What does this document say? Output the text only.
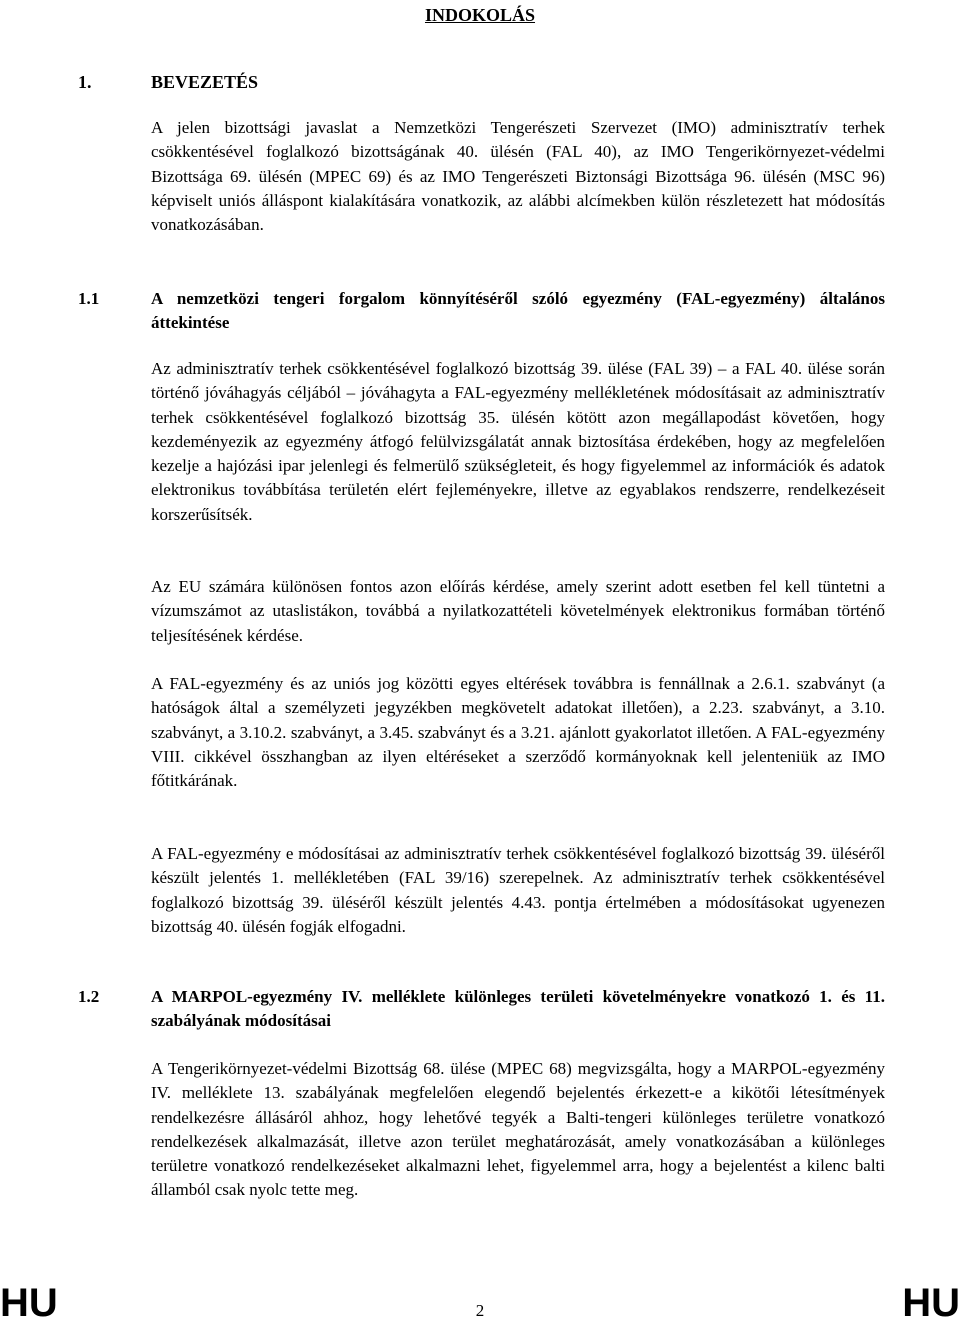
INDOKOLÁS
1.	BEVEZETÉS
A jelen bizottsági javaslat a Nemzetközi Tengerészeti Szervezet (IMO) adminisztratív terhek csökkentésével foglalkozó bizottságának 40. ülésén (FAL 40), az IMO Tengerikörnyezet-védelmi Bizottsága 69. ülésén (MPEC 69) és az IMO Tengerészeti Biztonsági Bizottsága 96. ülésén (MSC 96) képviselt uniós álláspont kialakítására vonatkozik, az alábbi alcímekben külön részletezett hat módosítás vonatkozásában.
1.1	A nemzetközi tengeri forgalom könnyítéséről szóló egyezmény (FAL-egyezmény) általános áttekintése
Az adminisztratív terhek csökkentésével foglalkozó bizottság 39. ülése (FAL 39) – a FAL 40. ülése során történő jóváhagyás céljából – jóváhagyta a FAL-egyezmény mellékletének módosításait az adminisztratív terhek csökkentésével foglalkozó bizottság 35. ülésén kötött azon megállapodást követően, hogy kezdeményezik az egyezmény átfogó felülvizsgálatát annak biztosítása érdekében, hogy az megfelelően kezelje a hajózási ipar jelenlegi és felmerülő szükségleteit, és hogy figyelemmel az információk és adatok elektronikus továbbítása területén elért fejleményekre, illetve az egyablakos rendszerre, rendelkezéseit korszerűsítsék.
Az EU számára különösen fontos azon előírás kérdése, amely szerint adott esetben fel kell tüntetni a vízumszámot az utaslistákon, továbbá a nyilatkozattételi követelmények elektronikus formában történő teljesítésének kérdése.
A FAL-egyezmény és az uniós jog közötti egyes eltérések továbbra is fennállnak a 2.6.1. szabványt (a hatóságok által a személyzeti jegyzékben megkövetelt adatokat illetően), a 2.23. szabványt, a 3.10. szabványt, a 3.10.2. szabványt, a 3.45. szabványt és a 3.21. ajánlott gyakorlatot illetően. A FAL-egyezmény VIII. cikkével összhangban az ilyen eltéréseket a szerződő kormányoknak kell jelenteniük az IMO főtitkárának.
A FAL-egyezmény e módosításai az adminisztratív terhek csökkentésével foglalkozó bizottság 39. üléséről készült jelentés 1. mellékletében (FAL 39/16) szerepelnek. Az adminisztratív terhek csökkentésével foglalkozó bizottság 39. üléséről készült jelentés 4.43. pontja értelmében a módosításokat ugyenezen bizottság 40. ülésén fogják elfogadni.
1.2	A MARPOL-egyezmény IV. melléklete különleges területi követelményekre vonatkozó 1. és 11. szabályának módosításai
A Tengerikörnyezet-védelmi Bizottság 68. ülése (MPEC 68) megvizsgálta, hogy a MARPOL-egyezmény IV. melléklete 13. szabályának megfelelően elegendő bejelentés érkezett-e a kikötői létesítmények rendelkezésre állásáról ahhoz, hogy lehetővé tegyék a Balti-tengeri különleges területre vonatkozó rendelkezések alkalmazását, illetve azon terület meghatározását, amely vonatkozásában a különleges területre vonatkozó rendelkezéseket alkalmazni lehet, figyelemmel arra, hogy a bejelentést a kilenc balti államból csak nyolc tette meg.
HU	2	HU
